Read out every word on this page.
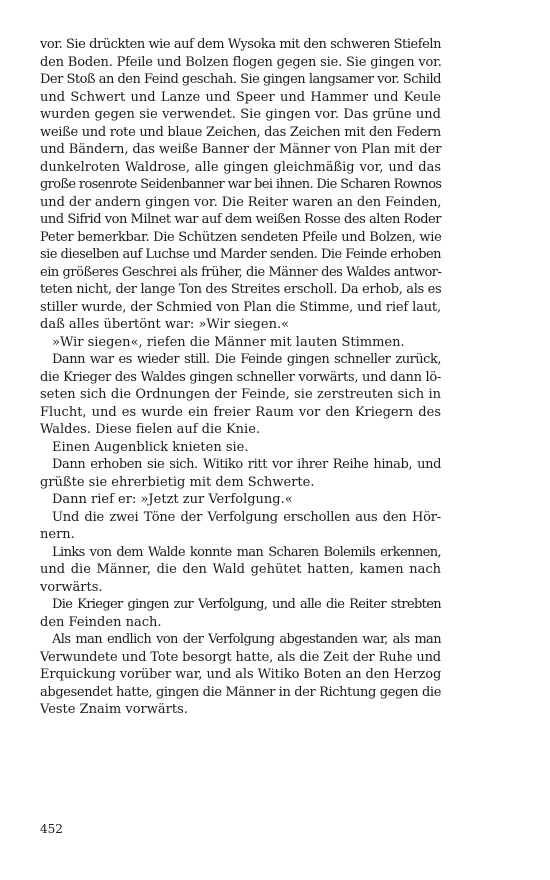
vor. Sie drückten wie auf dem Wysoka mit den schweren Stiefeln
den Boden. Pfeile und Bolzen flogen gegen sie. Sie gingen vor.
Der Stoß an den Feind geschah. Sie gingen langsamer vor. Schild
und Schwert und Lanze und Speer und Hammer und Keule
wurden gegen sie verwendet. Sie gingen vor. Das grüne und
weiße und rote und blaue Zeichen, das Zeichen mit den Federn
und Bändern, das weiße Banner der Männer von Plan mit der
dunkelroten Waldrose, alle gingen gleichmäßig vor, und das
große rosenrote Seidenbanner war bei ihnen. Die Scharen Rownos
und der andern gingen vor. Die Reiter waren an den Feinden,
und Sifrid von Milnet war auf dem weißen Rosse des alten Roder
Peter bemerkbar. Die Schützen sendeten Pfeile und Bolzen, wie
sie dieselben auf Luchse und Marder senden. Die Feinde erhoben
ein größeres Geschrei als früher, die Männer des Waldes antwor-
teten nicht, der lange Ton des Streites erscholl. Da erhob, als es
stiller wurde, der Schmied von Plan die Stimme, und rief laut,
daß alles übertönt war: »Wir siegen.«
»Wir siegen«, riefen die Männer mit lauten Stimmen.
Dann war es wieder still. Die Feinde gingen schneller zurück,
die Krieger des Waldes gingen schneller vorwärts, und dann lö-
seten sich die Ordnungen der Feinde, sie zerstreuten sich in
Flucht, und es wurde ein freier Raum vor den Kriegern des
Waldes. Diese fielen auf die Knie.
Einen Augenblick knieten sie.
Dann erhoben sie sich. Witiko ritt vor ihrer Reihe hinab, und
grüßte sie ehrerbietig mit dem Schwerte.
Dann rief er: »Jetzt zur Verfolgung.«
Und die zwei Töne der Verfolgung erschollen aus den Hör-
nern.
Links von dem Walde konnte man Scharen Bolemils erkennen,
und die Männer, die den Wald gehütet hatten, kamen nach
vorwärts.
Die Krieger gingen zur Verfolgung, und alle die Reiter strebten
den Feinden nach.
Als man endlich von der Verfolgung abgestanden war, als man
Verwundete und Tote besorgt hatte, als die Zeit der Ruhe und
Erquickung vorüber war, und als Witiko Boten an den Herzog
abgesendet hatte, gingen die Männer in der Richtung gegen die
Veste Znaim vorwärts.
452
